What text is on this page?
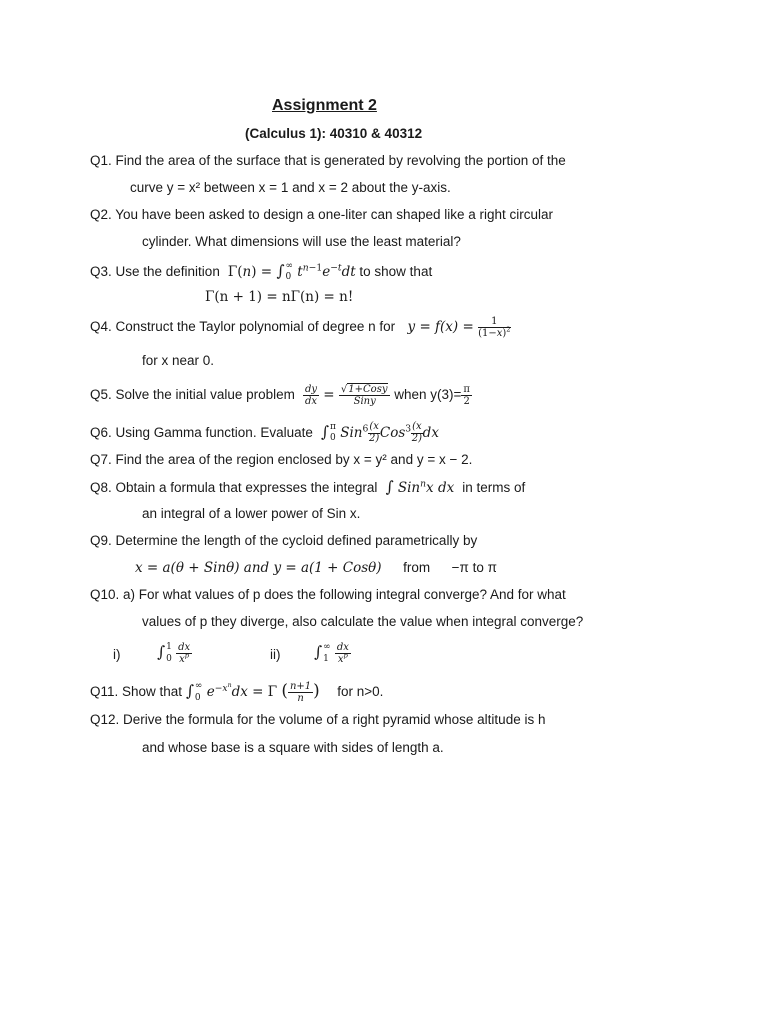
Assignment 2
(Calculus 1): 40310 & 40312
Q1. Find the area of the surface that is generated by revolving the portion of the
curve y = x² between x = 1 and x = 2 about the y-axis.
Q2. You have been asked to design a one-liter can shaped like a right circular
cylinder. What dimensions will use the least material?
Q3. Use the definition  Γ(n) = ∫ ∞
0 $t^{n-1}e^{-t}dt$ to show that
Γ(n + 1) = nΓ(n) = n!
Q4. Construct the Taylor polynomial of degree n for   $y = f(x) = \frac{1}{(1-x)^2}$
for x near 0.
Q5. Solve the initial value problem $\frac{dy}{dx} = \frac{\text{√1+Cosy}}{\text{Siny}}$ when $y(3)= \frac{\pi}{2}$
Q6. Using Gamma function. Evaluate ∫ π
0 $Sin^6 \frac{(x}{2)} Cos^3 \frac{(x}{2)}$ dx
Q7. Find the area of the region enclosed by x = y² and y = x − 2.
Q8. Obtain a formula that expresses the integral ∫ Sin$^n$x dx  in terms of
an integral of a lower power of Sin x.
Q9. Determine the length of the cycloid defined parametrically by
x = a(θ + Sinθ) and y = a(1 + Cosθ) from −π to π
Q10. a) For what values of p does the following integral converge? And for what
values of p they diverge, also calculate the value when integral converge?
i) ∫ 1
0
$\frac{dx}{x^p}$	ii) ∫ ∞
1
$\frac{dx}{x^p}$
Q11. Show that ∫ ∞
0 $e^{-x^n}dx = \Gamma$ ( $\frac{n+1}{n}$ ) for n>0.
Q12. Derive the formula for the volume of a right pyramid whose altitude is h
and whose base is a square with sides of length a.
